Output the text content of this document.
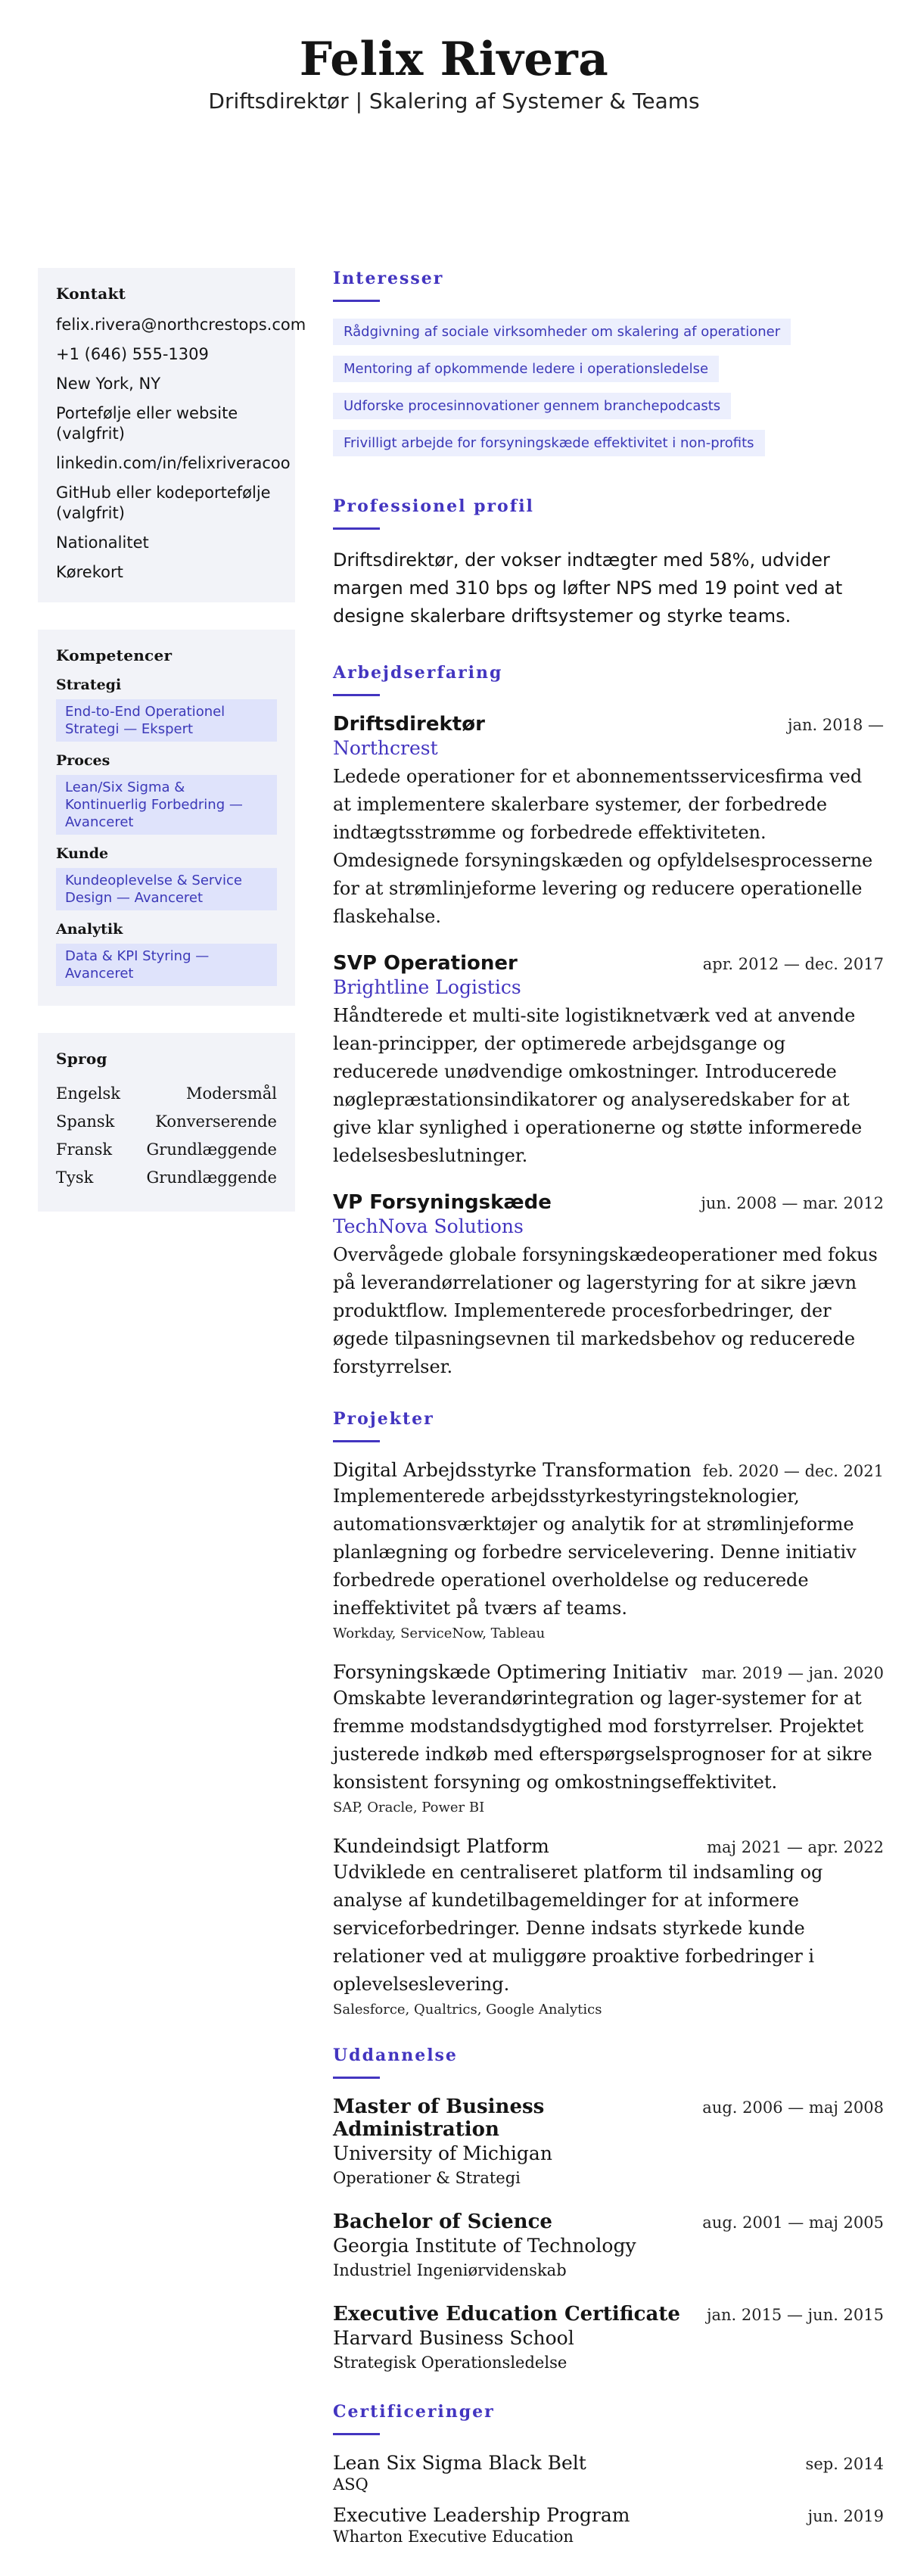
Felix Rivera
Driftsdirektør | Skalering af Systemer & Teams
Kontakt
felix.rivera@northcrestops.com
+1 (646) 555-1309
New York, NY
Portefølje eller website (valgfrit)
linkedin.com/in/felixriveracoo
GitHub eller kodeportefølje (valgfrit)
Nationalitet
Kørekort
Kompetencer
Strategi
End-to-End Operationel Strategi — Ekspert
Proces
Lean/Six Sigma & Kontinuerlig Forbedring — Avanceret
Kunde
Kundeoplevelse & Service Design — Avanceret
Analytik
Data & KPI Styring — Avanceret
Sprog
Engelsk	Modersmål
Spansk	Konverserende
Fransk Grundlæggende
Tysk	Grundlæggende
Interesser
Rådgivning af sociale virksomheder om skalering af operationer
Mentoring af opkommende ledere i operationsledelse
Udforske procesinnovationer gennem branchepodcasts
Frivilligt arbejde for forsyningskæde effektivitet i non-profits
Professionel profil

Driftsdirektør, der vokser indtægter med 58%, udvider margen med 310 bps og løfter NPS med 19 point ved at designe skalerbare driftsystemer og styrke teams.

Arbejdserfaring
Driftsdirektør	jan. 2018 —
Northcrest

Ledede operationer for et abonnementsservicesfirma ved at implementere skalerbare systemer, der forbedrede indtægtsstrømme og forbedrede effektiviteten. Omdesignede forsyningskæden og opfyldelsesprocesserne for at strømlinjeforme levering og reducere operationelle flaskehalse.

SVP Operationer	apr. 2012 — dec. 2017
Brightline Logistics

Håndterede et multi-site logistiknetværk ved at anvende lean-principper, der optimerede arbejdsgange og reducerede unødvendige omkostninger. Introducerede nøglepræstationsindikatorer og analyseredskaber for at give klar synlighed i operationerne og støtte informerede ledelsesbeslutninger.

VP Forsyningskæde	jun. 2008 — mar. 2012
TechNova Solutions

Overvågede globale forsyningskædeoperationer med fokus på leverandørrelationer og lagerstyring for at sikre jævn produktflow. Implementerede procesforbedringer, der øgede tilpasningsevnen til markedsbehov og reducerede forstyrrelser.

Projekter
Digital Arbejdsstyrke Transformation feb. 2020 — dec. 2021

Implementerede arbejdsstyrkestyringsteknologier, automationsværktøjer og analytik for at strømlinjeforme planlægning og forbedre servicelevering. Denne initiativ forbedrede operationel overholdelse og reducerede ineffektivitet på tværs af teams.

Workday, ServiceNow, Tableau
Forsyningskæde Optimering Initiativ mar. 2019 — jan. 2020

Omskabte leverandørintegration og lager-systemer for at fremme modstandsdygtighed mod forstyrrelser. Projektet justerede indkøb med efterspørgselsprognoser for at sikre konsistent forsyning og omkostningseffektivitet.

SAP, Oracle, Power BI
Kundeindsigt Platform	maj 2021 — apr. 2022

Udviklede en centraliseret platform til indsamling og analyse af kundetilbagemeldinger for at informere serviceforbedringer. Denne indsats styrkede kunde relationer ved at muliggøre proaktive forbedringer i oplevelseslevering.

Salesforce, Qualtrics, Google Analytics
Uddannelse
Master of Business Administration
aug. 2006 — maj 2008
University of Michigan
Operationer & Strategi
Bachelor of Science	aug. 2001 — maj 2005
Georgia Institute of Technology
Industriel Ingeniørvidenskab
Executive Education Certificate jan. 2015 — jun. 2015
Harvard Business School
Strategisk Operationsledelse
Certificeringer
Lean Six Sigma Black Belt	sep. 2014
ASQ
Executive Leadership Program	jun. 2019
Wharton Executive Education
